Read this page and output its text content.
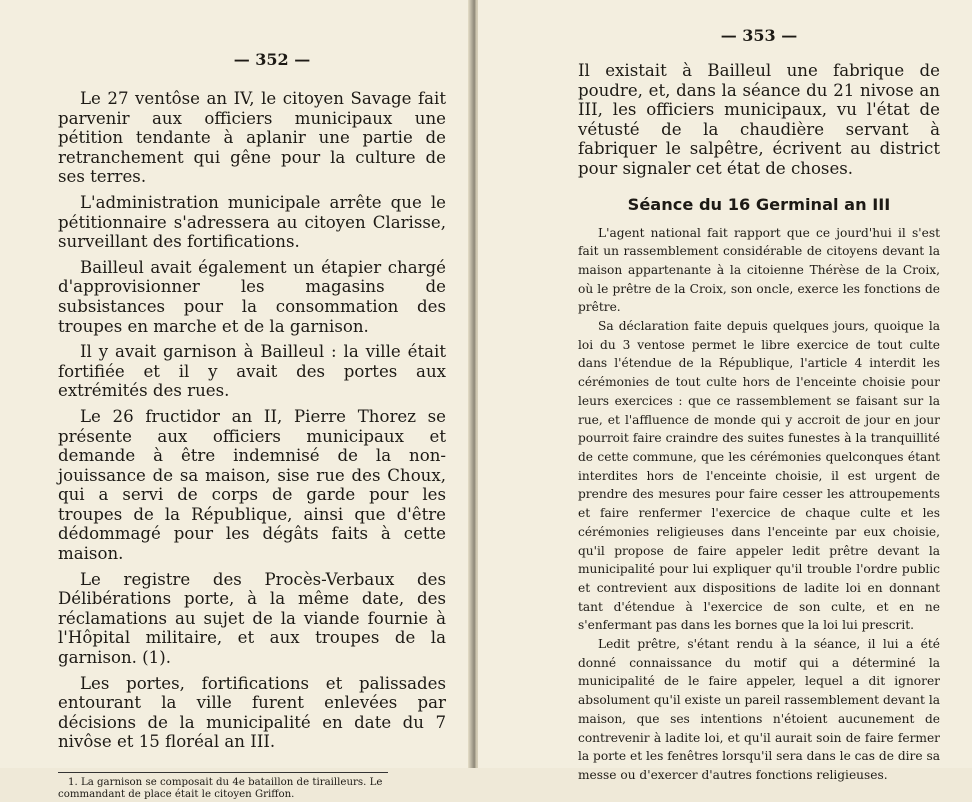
— 352 —

Le 27 ventôse an IV, le citoyen Savage fait parvenir aux officiers municipaux une pétition tendante à aplanir une partie de retranchement qui gêne pour la culture de ses terres.

L'administration municipale arrête que le pétitionnaire s'adressera au citoyen Clarisse, surveillant des fortifications.

Bailleul avait également un étapier chargé d'approvisionner les magasins de subsistances pour la consommation des troupes en marche et de la garnison.

Il y avait garnison à Bailleul : la ville était fortifiée et il y avait des portes aux extrémités des rues.

Le 26 fructidor an II, Pierre Thorez se présente aux officiers municipaux et demande à être indemnisé de la non-jouissance de sa maison, sise rue des Choux, qui a servi de corps de garde pour les troupes de la République, ainsi que d'être dédommagé pour les dégâts faits à cette maison.

Le registre des Procès-Verbaux des Délibérations porte, à la même date, des réclamations au sujet de la viande fournie à l'Hôpital militaire, et aux troupes de la garnison. (1).

Les portes, fortifications et palissades entourant la ville furent enlevées par décisions de la municipalité en date du 7 nivôse et 15 floréal an III.

1. La garnison se composait du 4e bataillon de tirailleurs. Le commandant de place était le citoyen Griffon.

— 353 —

Il existait à Bailleul une fabrique de poudre, et, dans la séance du 21 nivose an III, les officiers municipaux, vu l'état de vétusté de la chaudière servant à fabriquer le salpêtre, écrivent au district pour signaler cet état de choses.

Séance du 16 Germinal an III

L'agent national fait rapport que ce jourd'hui il s'est fait un rassemblement considérable de citoyens devant la maison appartenante à la citoienne Thérèse de la Croix, où le prêtre de la Croix, son oncle, exerce les fonctions de prêtre.

Sa déclaration faite depuis quelques jours, quoique la loi du 3 ventose permet le libre exercice de tout culte dans l'étendue de la République, l'article 4 interdit les cérémonies de tout culte hors de l'enceinte choisie pour leurs exercices : que ce rassemblement se faisant sur la rue, et l'affluence de monde qui y accroit de jour en jour pourroit faire craindre des suites funestes à la tranquillité de cette commune, que les cérémonies quelconques étant interdites hors de l'enceinte choisie, il est urgent de prendre des mesures pour faire cesser les attroupements et faire renfermer l'exercice de chaque culte et les cérémonies religieuses dans l'enceinte par eux choisie, qu'il propose de faire appeler ledit prêtre devant la municipalité pour lui expliquer qu'il trouble l'ordre public et contrevient aux dispositions de ladite loi en donnant tant d'étendue à l'exercice de son culte, et en ne s'enfermant pas dans les bornes que la loi lui prescrit.

Ledit prêtre, s'étant rendu à la séance, il lui a été donné connaissance du motif qui a déterminé la municipalité de le faire appeler, lequel a dit ignorer absolument qu'il existe un pareil rassemblement devant la maison, que ses intentions n'étoient aucunement de contrevenir à ladite loi, et qu'il aurait soin de faire fermer la porte et les fenêtres lorsqu'il sera dans le cas de dire sa messe ou d'exercer d'autres fonctions religieuses.
